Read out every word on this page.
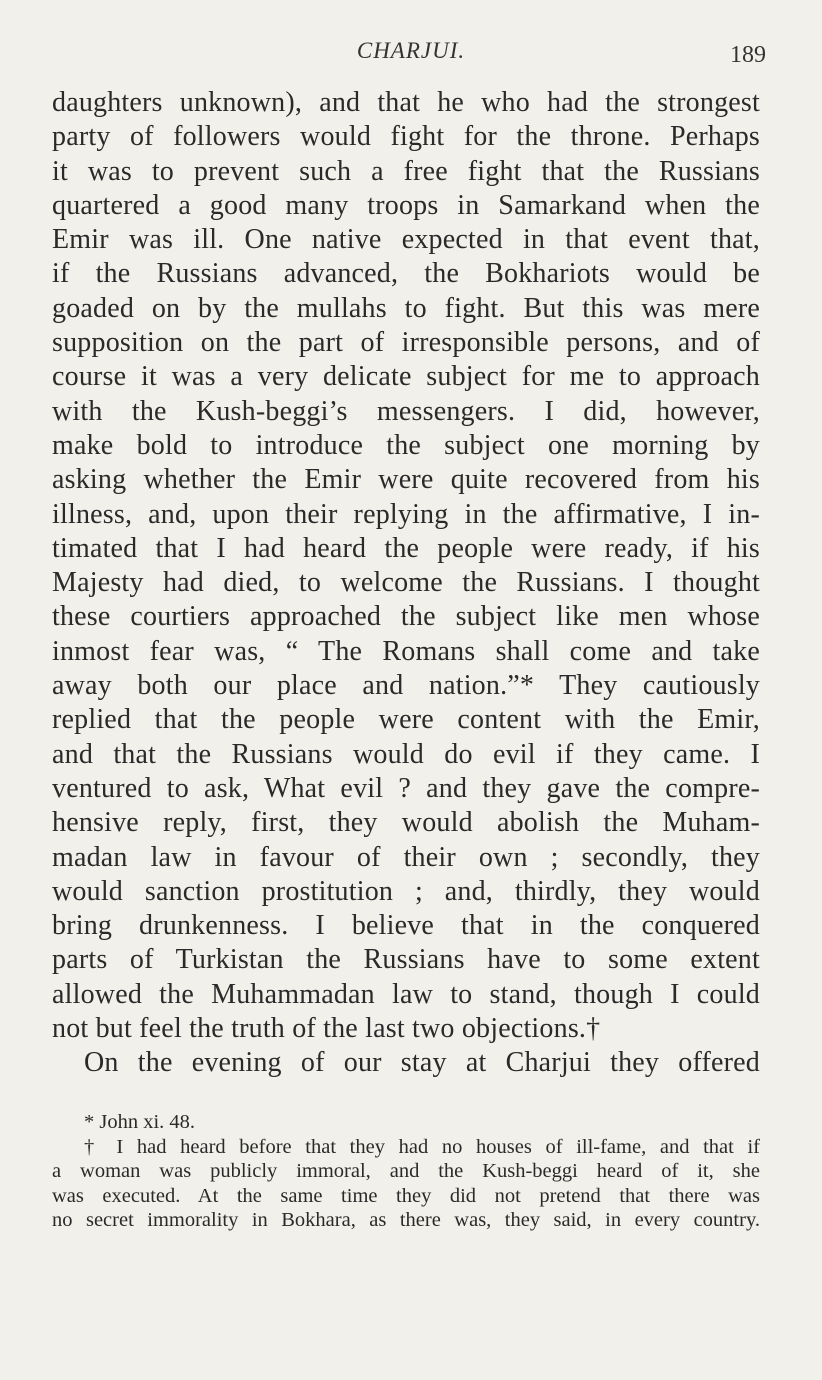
CHARJUI.	189
daughters unknown), and that he who had the strongest
party of followers would fight for the throne. Perhaps
it was to prevent such a free fight that the Russians
quartered a good many troops in Samarkand when the
Emir was ill. One native expected in that event that,
if the Russians advanced, the Bokhariots would be
goaded on by the mullahs to fight. But this was mere
supposition on the part of irresponsible persons, and of
course it was a very delicate subject for me to approach
with the Kush-beggi’s messengers. I did, however,
make bold to introduce the subject one morning by
asking whether the Emir were quite recovered from his
illness, and, upon their replying in the affirmative, I in-
timated that I had heard the people were ready, if his
Majesty had died, to welcome the Russians. I thought
these courtiers approached the subject like men whose
inmost fear was, “ The Romans shall come and take
away both our place and nation.”* They cautiously
replied that the people were content with the Emir,
and that the Russians would do evil if they came. I
ventured to ask, What evil ? and they gave the compre-
hensive reply, first, they would abolish the Muham-
madan law in favour of their own ; secondly, they
would sanction prostitution ; and, thirdly, they would
bring drunkenness. I believe that in the conquered
parts of Turkistan the Russians have to some extent
allowed the Muhammadan law to stand, though I could
not but feel the truth of the last two objections.†
On the evening of our stay at Charjui they offered
* John xi. 48.
† I had heard before that they had no houses of ill-fame, and that if
a woman was publicly immoral, and the Kush-beggi heard of it, she
was executed. At the same time they did not pretend that there was
no secret immorality in Bokhara, as there was, they said, in every country.
